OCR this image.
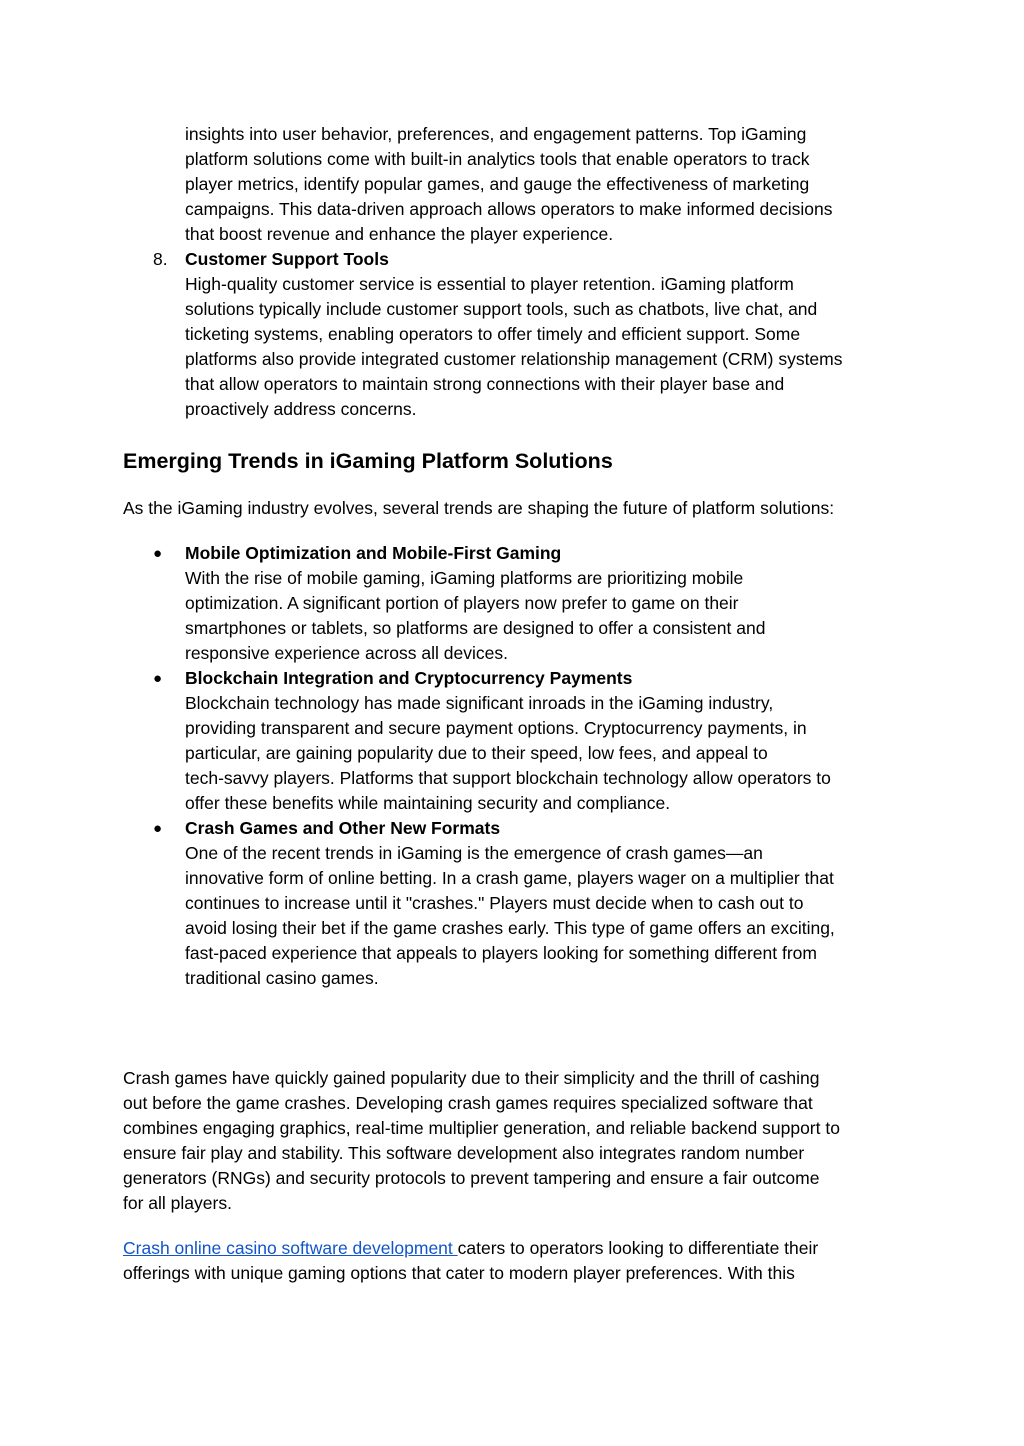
insights into user behavior, preferences, and engagement patterns. Top iGaming
platform solutions come with built-in analytics tools that enable operators to track
player metrics, identify popular games, and gauge the effectiveness of marketing
campaigns. This data-driven approach allows operators to make informed decisions
that boost revenue and enhance the player experience.
8. Customer Support Tools
High-quality customer service is essential to player retention. iGaming platform
solutions typically include customer support tools, such as chatbots, live chat, and
ticketing systems, enabling operators to offer timely and efficient support. Some
platforms also provide integrated customer relationship management (CRM) systems
that allow operators to maintain strong connections with their player base and
proactively address concerns.
Emerging Trends in iGaming Platform Solutions
As the iGaming industry evolves, several trends are shaping the future of platform solutions:
● Mobile Optimization and Mobile-First Gaming
With the rise of mobile gaming, iGaming platforms are prioritizing mobile
optimization. A significant portion of players now prefer to game on their
smartphones or tablets, so platforms are designed to offer a consistent and
responsive experience across all devices.
● Blockchain Integration and Cryptocurrency Payments
Blockchain technology has made significant inroads in the iGaming industry,
providing transparent and secure payment options. Cryptocurrency payments, in
particular, are gaining popularity due to their speed, low fees, and appeal to
tech-savvy players. Platforms that support blockchain technology allow operators to
offer these benefits while maintaining security and compliance.
● Crash Games and Other New Formats
One of the recent trends in iGaming is the emergence of crash games—an
innovative form of online betting. In a crash game, players wager on a multiplier that
continues to increase until it "crashes." Players must decide when to cash out to
avoid losing their bet if the game crashes early. This type of game offers an exciting,
fast-paced experience that appeals to players looking for something different from
traditional casino games.
Crash games have quickly gained popularity due to their simplicity and the thrill of cashing
out before the game crashes. Developing crash games requires specialized software that
combines engaging graphics, real-time multiplier generation, and reliable backend support to
ensure fair play and stability. This software development also integrates random number
generators (RNGs) and security protocols to prevent tampering and ensure a fair outcome
for all players.
Crash online casino software development caters to operators looking to differentiate their
offerings with unique gaming options that cater to modern player preferences. With this
